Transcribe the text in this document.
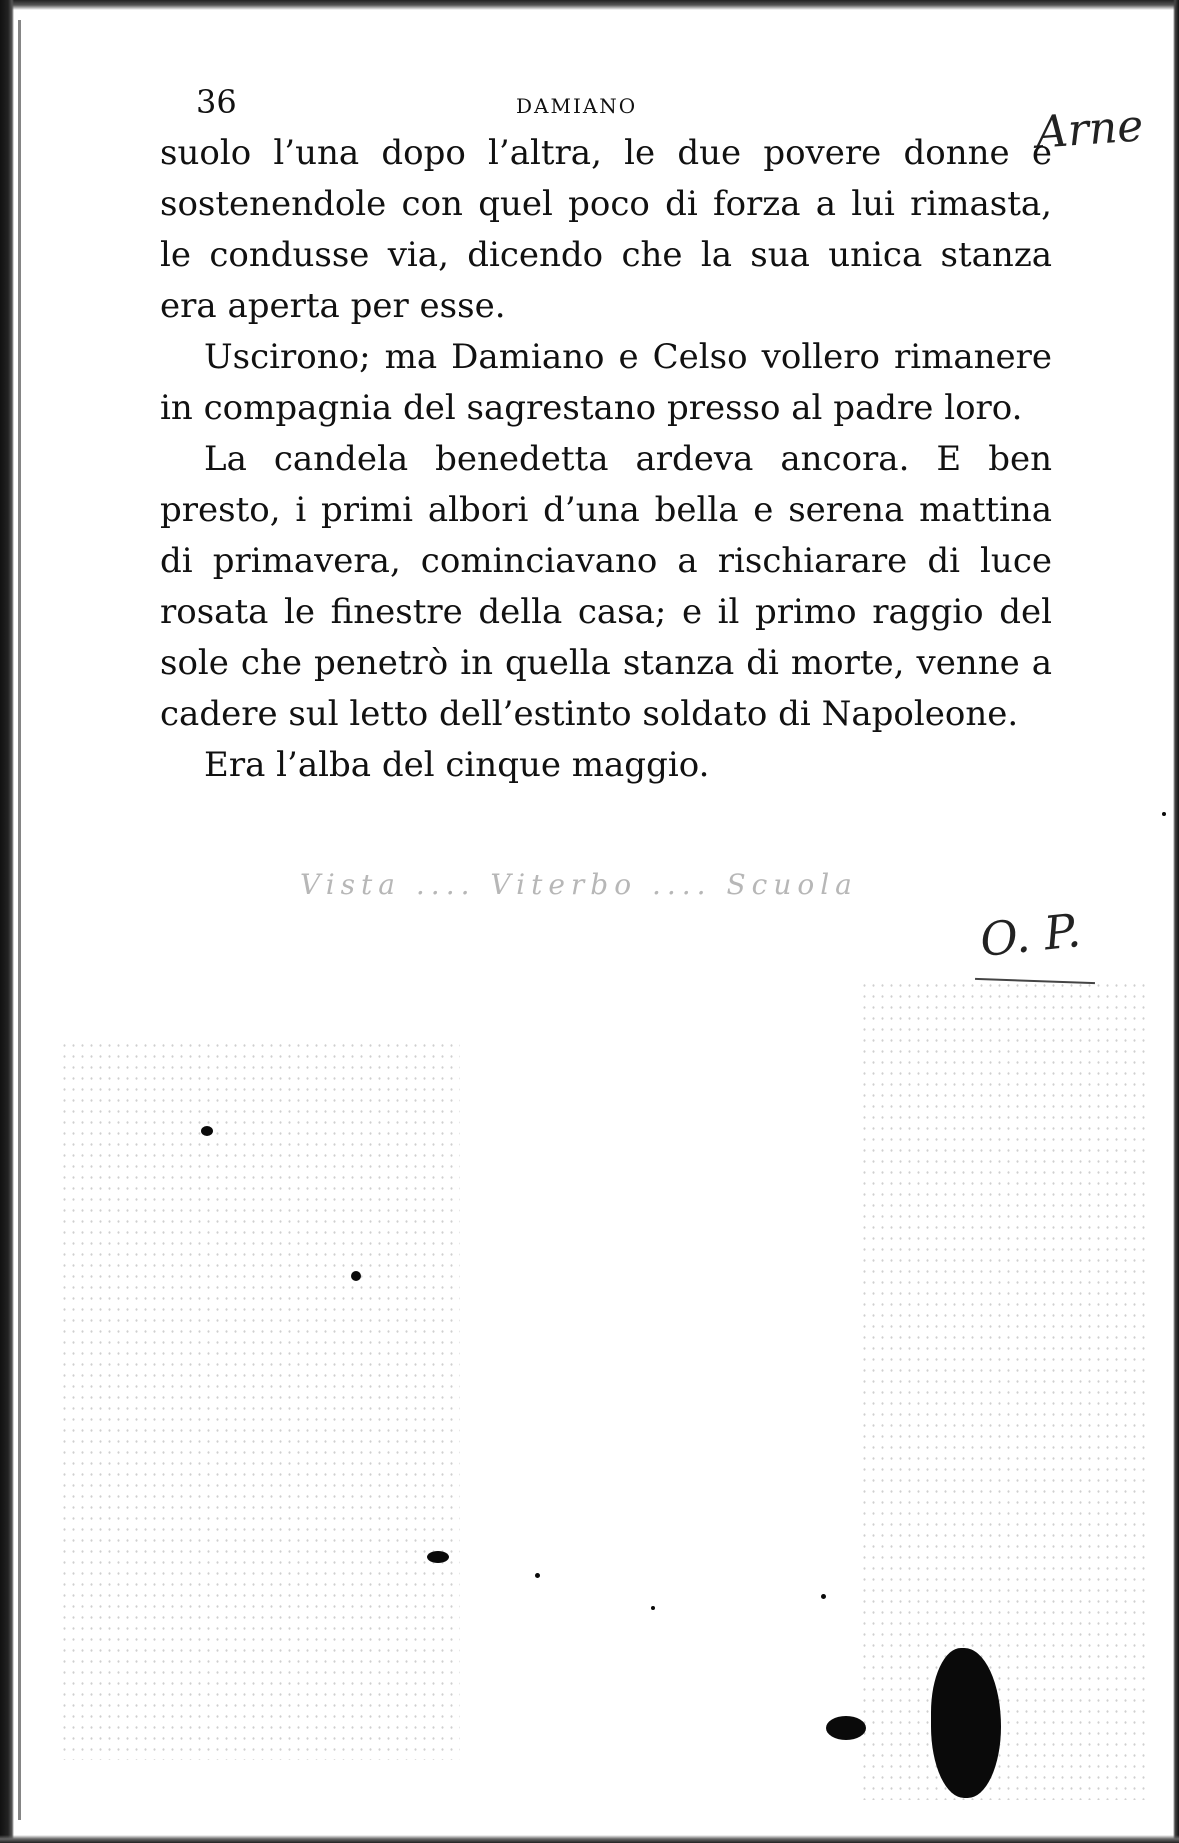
36	DAMIANO	Arne

suolo l’una dopo l’altra, le due povere donne e sostenendole con quel poco di forza a lui rimasta, le condusse via, dicendo che la sua unica stanza era aperta per esse.

Uscirono; ma Damiano e Celso vollero rimanere in compagnia del sagrestano presso al padre loro.

La candela benedetta ardeva ancora. E ben presto, i primi albori d’una bella e serena mattina di primavera, cominciavano a rischiarare di luce rosata le finestre della casa; e il primo raggio del sole che penetrò in quella stanza di morte, venne a cadere sul letto dell’estinto soldato di Napoleone.

Era l’alba del cinque maggio.

Vista .... Viterbo .... Scuola
O. P.
